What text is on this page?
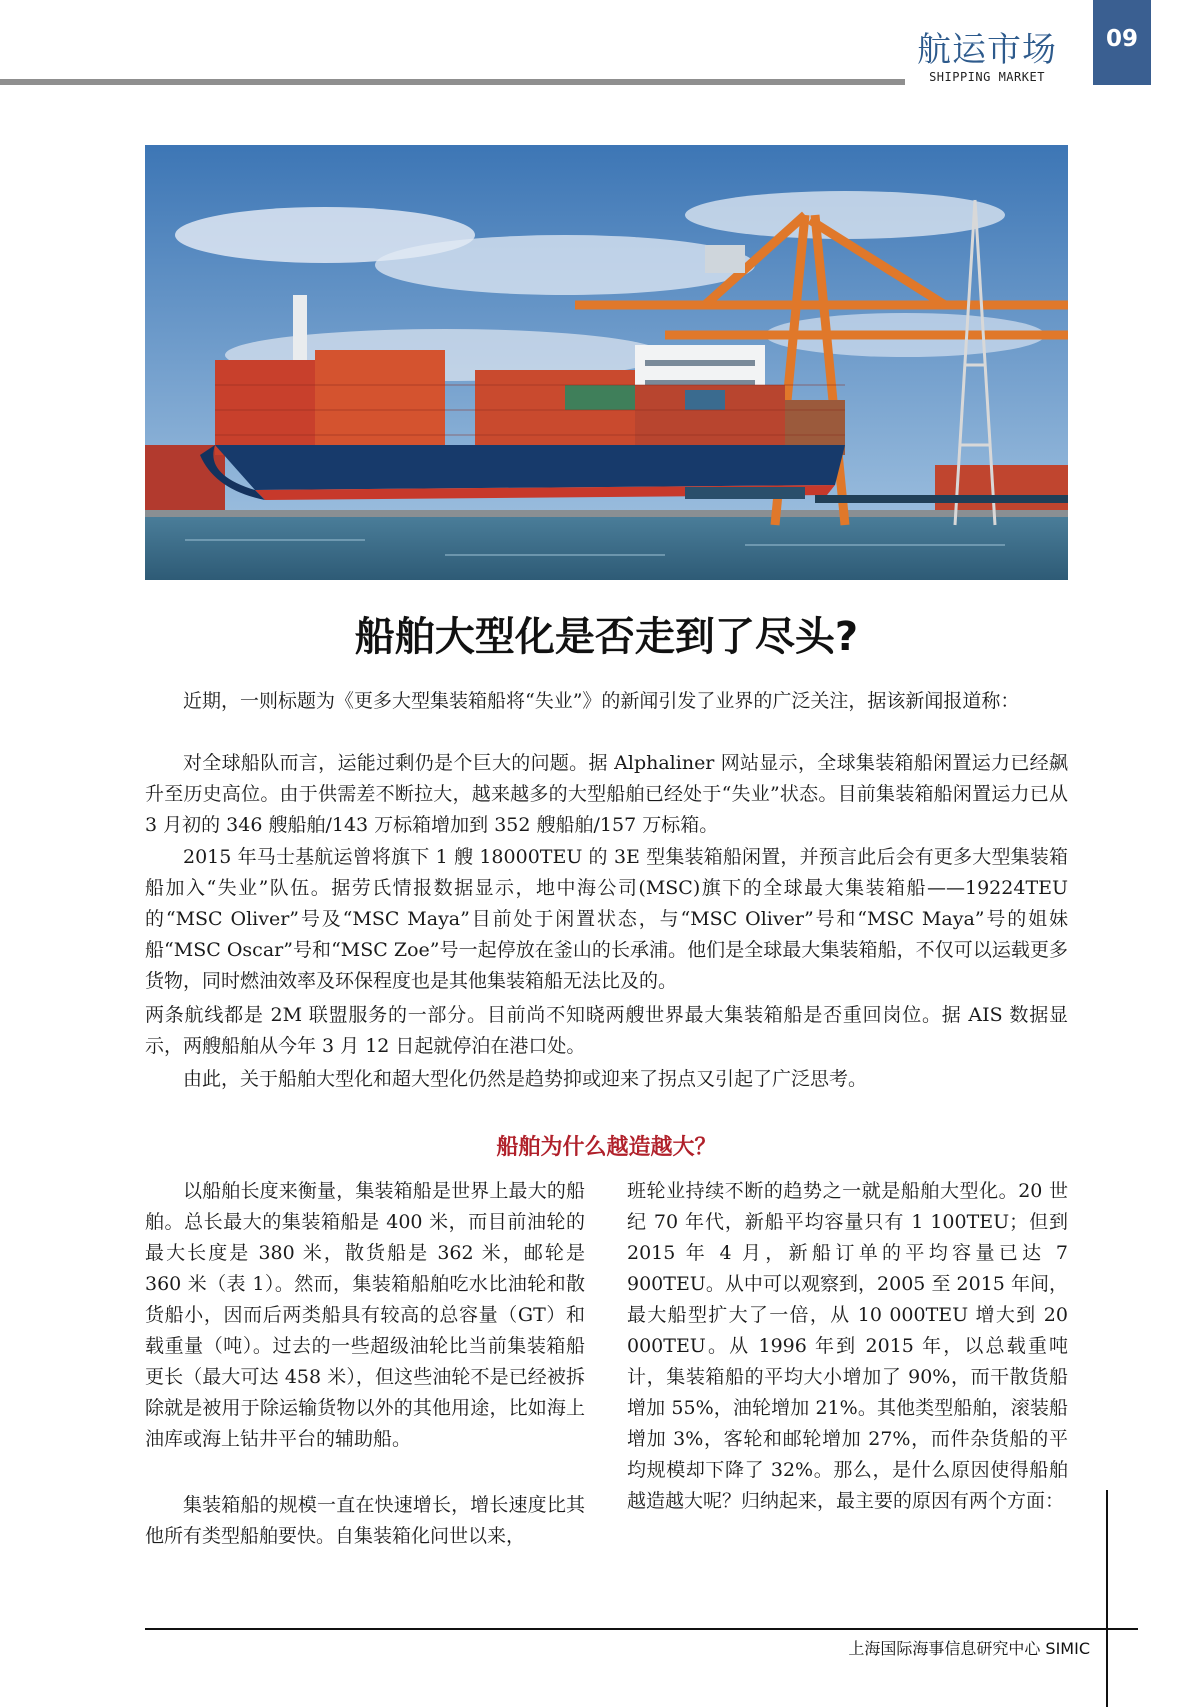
航运市场
SHIPPING MARKET
09
船舶大型化是否走到了尽头?

近期，一则标题为《更多大型集装箱船将“失业”》的新闻引发了业界的广泛关注，据该新闻报道称：

对全球船队而言，运能过剩仍是个巨大的问题。据 Alphaliner 网站显示，全球集装箱船闲置运力已经飙升至历史高位。由于供需差不断拉大，越来越多的大型船舶已经处于“失业”状态。目前集装箱船闲置运力已从 3 月初的 346 艘船舶/143 万标箱增加到 352 艘船舶/157 万标箱。

2015 年马士基航运曾将旗下 1 艘 18000TEU 的 3E 型集装箱船闲置，并预言此后会有更多大型集装箱船加入“失业”队伍。据劳氏情报数据显示，地中海公司(MSC)旗下的全球最大集装箱船——19224TEU 的“MSC Oliver”号及“MSC Maya”目前处于闲置状态，与“MSC Oliver”号和“MSC Maya”号的姐妹船“MSC Oscar”号和“MSC Zoe”号一起停放在釜山的长承浦。他们是全球最大集装箱船，不仅可以运载更多货物，同时燃油效率及环保程度也是其他集装箱船无法比及的。

两条航线都是 2M 联盟服务的一部分。目前尚不知晓两艘世界最大集装箱船是否重回岗位。据 AIS 数据显示，两艘船舶从今年 3 月 12 日起就停泊在港口处。

由此，关于船舶大型化和超大型化仍然是趋势抑或迎来了拐点又引起了广泛思考。

船舶为什么越造越大？

以船舶长度来衡量，集装箱船是世界上最大的船舶。总长最大的集装箱船是 400 米，而目前油轮的最大长度是 380 米，散货船是 362 米，邮轮是 360 米（表 1）。然而，集装箱船舶吃水比油轮和散货船小，因而后两类船具有较高的总容量（GT）和载重量（吨）。过去的一些超级油轮比当前集装箱船更长（最大可达 458 米），但这些油轮不是已经被拆除就是被用于除运输货物以外的其他用途，比如海上油库或海上钻井平台的辅助船。

集装箱船的规模一直在快速增长，增长速度比其他所有类型船舶要快。自集装箱化问世以来，

班轮业持续不断的趋势之一就是船舶大型化。20 世纪 70 年代，新船平均容量只有 1 100TEU；但到 2015 年 4 月，新船订单的平均容量已达 7 900TEU。从中可以观察到，2005 至 2015 年间，最大船型扩大了一倍，从 10 000TEU 增大到 20 000TEU。从 1996 年到 2015 年，以总载重吨计，集装箱船的平均大小增加了 90%，而干散货船增加 55%，油轮增加 21%。其他类型船舶，滚装船增加 3%，客轮和邮轮增加 27%，而件杂货船的平均规模却下降了 32%。那么，是什么原因使得船舶越造越大呢？归纳起来，最主要的原因有两个方面：

上海国际海事信息研究中心 SIMIC
